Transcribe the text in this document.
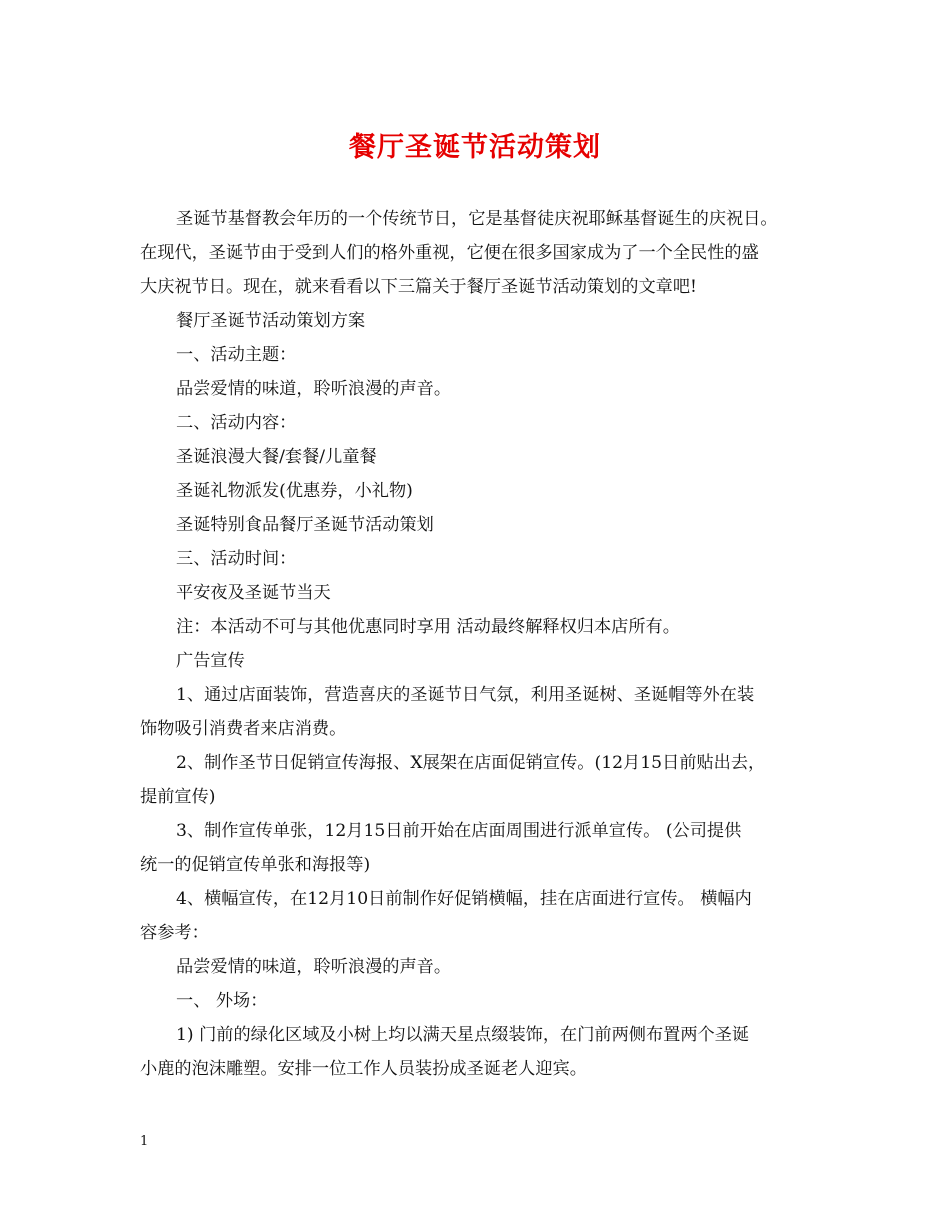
餐厅圣诞节活动策划
圣诞节基督教会年历的一个传统节日，它是基督徒庆祝耶稣基督诞生的庆祝日。
在现代，圣诞节由于受到人们的格外重视，它便在很多国家成为了一个全民性的盛
大庆祝节日。现在，就来看看以下三篇关于餐厅圣诞节活动策划的文章吧!
餐厅圣诞节活动策划方案
一、活动主题：
品尝爱情的味道，聆听浪漫的声音。
二、活动内容：
圣诞浪漫大餐/套餐/儿童餐
圣诞礼物派发(优惠券，小礼物)
圣诞特别食品餐厅圣诞节活动策划
三、活动时间：
平安夜及圣诞节当天
注：本活动不可与其他优惠同时享用 活动最终解释权归本店所有。
广告宣传
1、通过店面装饰，营造喜庆的圣诞节日气氛，利用圣诞树、圣诞帽等外在装
饰物吸引消费者来店消费。
2、制作圣节日促销宣传海报、X展架在店面促销宣传。(12月15日前贴出去，
提前宣传)
3、制作宣传单张，12月15日前开始在店面周围进行派单宣传。 (公司提供
统一的促销宣传单张和海报等)
4、横幅宣传，在12月10日前制作好促销横幅，挂在店面进行宣传。 横幅内
容参考：
品尝爱情的味道，聆听浪漫的声音。
一、 外场：
1) 门前的绿化区域及小树上均以满天星点缀装饰，在门前两侧布置两个圣诞
小鹿的泡沫雕塑。安排一位工作人员装扮成圣诞老人迎宾。
1
